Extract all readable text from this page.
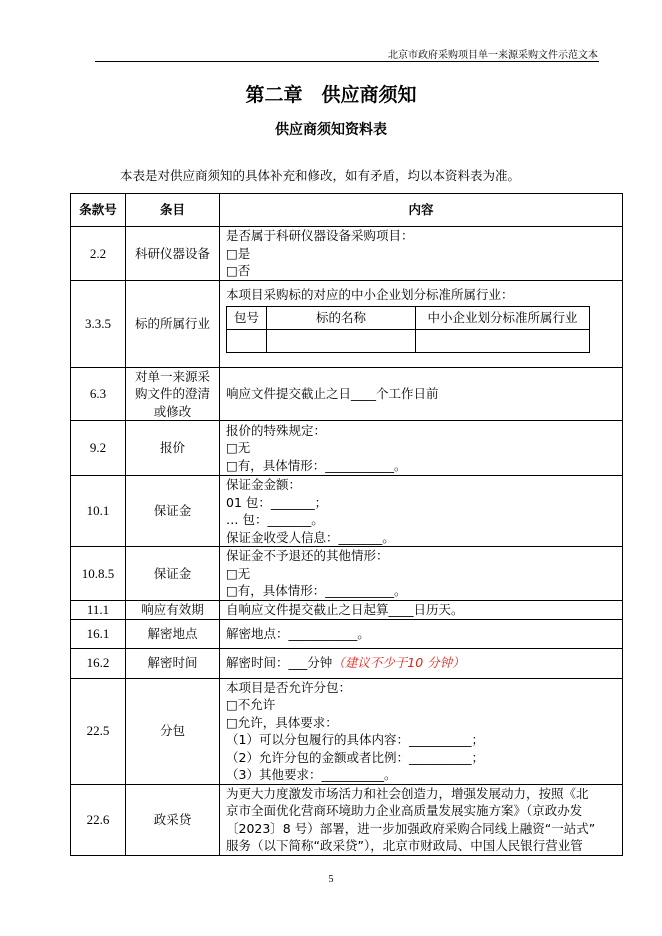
北京市政府采购项目单一来源采购文件示范文本
第二章　供应商须知
供应商须知资料表
本表是对供应商须知的具体补充和修改，如有矛盾，均以本资料表为准。
条款号	条目	内容
2.2	科研仪器设备	
是否属于科研仪器设备采购项目：
□是
□否

3.3.5	标的所属行业	
本项目采购标的对应的中小企业划分标准所属行业：
包号	标的名称	中小企业划分标准所属行业

6.3	对单一来源采购文件的澄清或修改	
响应文件提交截止之日____个工作日前

9.2	报价	
报价的特殊规定：
□无
□有，具体情形：___________。

10.1	保证金	
保证金金额：
01 包：_______；
… 包：_______。
保证金收受人信息：_______。

10.8.5	保证金	
保证金不予退还的其他情形：
□无
□有，具体情形：___________。

11.1	响应有效期	自响应文件提交截止之日起算____日历天。

16.1	解密地点	解密地点：___________。

16.2	解密时间	解密时间：___分钟（建议不少于10 分钟）

22.5	分包	
本项目是否允许分包：
□不允许
□允许，具体要求：
（1）可以分包履行的具体内容：__________；
（2）允许分包的金额或者比例：__________；
（3）其他要求：__________。

22.6	政采贷	
为更大力度激发市场活力和社会创造力，增强发展动力，按照《北
京市全面优化营商环境助力企业高质量发展实施方案》（京政办发
〔2023〕8 号）部署，进一步加强政府采购合同线上融资“一站式”
服务（以下简称“政采贷”），北京市财政局、中国人民银行营业管
5
